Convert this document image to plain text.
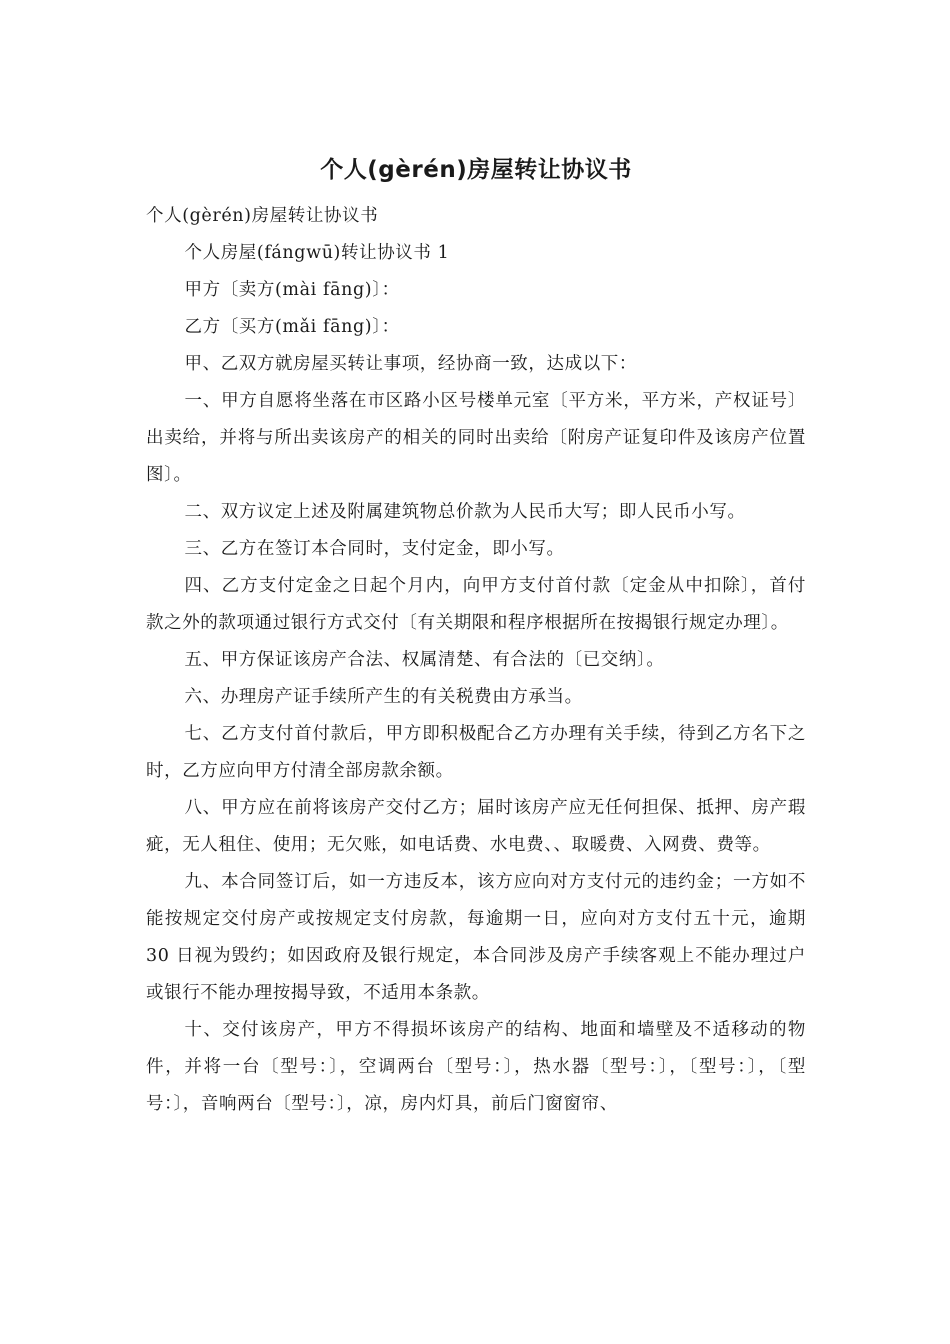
个人(gèrén)房屋转让协议书

个人(gèrén)房屋转让协议书

个人房屋(fángwū)转让协议书 1

甲方〔卖方(mài fāng)〕：

乙方〔买方(mǎi fāng)〕：

甲、乙双方就房屋买转让事项，经协商一致，达成以下：

一、甲方自愿将坐落在市区路小区号楼单元室〔平方米，平方米，产权证号〕出卖给，并将与所出卖该房产的相关的同时出卖给〔附房产证复印件及该房产位置图〕。

二、双方议定上述及附属建筑物总价款为人民币大写；即人民币小写。

三、乙方在签订本合同时，支付定金，即小写。

四、乙方支付定金之日起个月内，向甲方支付首付款〔定金从中扣除〕，首付款之外的款项通过银行方式交付〔有关期限和程序根据所在按揭银行规定办理〕。

五、甲方保证该房产合法、权属清楚、有合法的〔已交纳〕。

六、办理房产证手续所产生的有关税费由方承当。

七、乙方支付首付款后，甲方即积极配合乙方办理有关手续，待到乙方名下之时，乙方应向甲方付清全部房款余额。

八、甲方应在前将该房产交付乙方；届时该房产应无任何担保、抵押、房产瑕疵，无人租住、使用；无欠账，如电话费、水电费、、取暖费、入网费、费等。

九、本合同签订后，如一方违反本，该方应向对方支付元的违约金；一方如不能按规定交付房产或按规定支付房款，每逾期一日，应向对方支付五十元，逾期 30 日视为毁约；如因政府及银行规定，本合同涉及房产手续客观上不能办理过户或银行不能办理按揭导致，不适用本条款。

十、交付该房产，甲方不得损坏该房产的结构、地面和墙壁及不适移动的物件，并将一台〔型号：〕，空调两台〔型号：〕，热水器〔型号：〕，〔型号：〕，〔型号：〕，音响两台〔型号：〕，凉，房内灯具，前后门窗窗帘、
